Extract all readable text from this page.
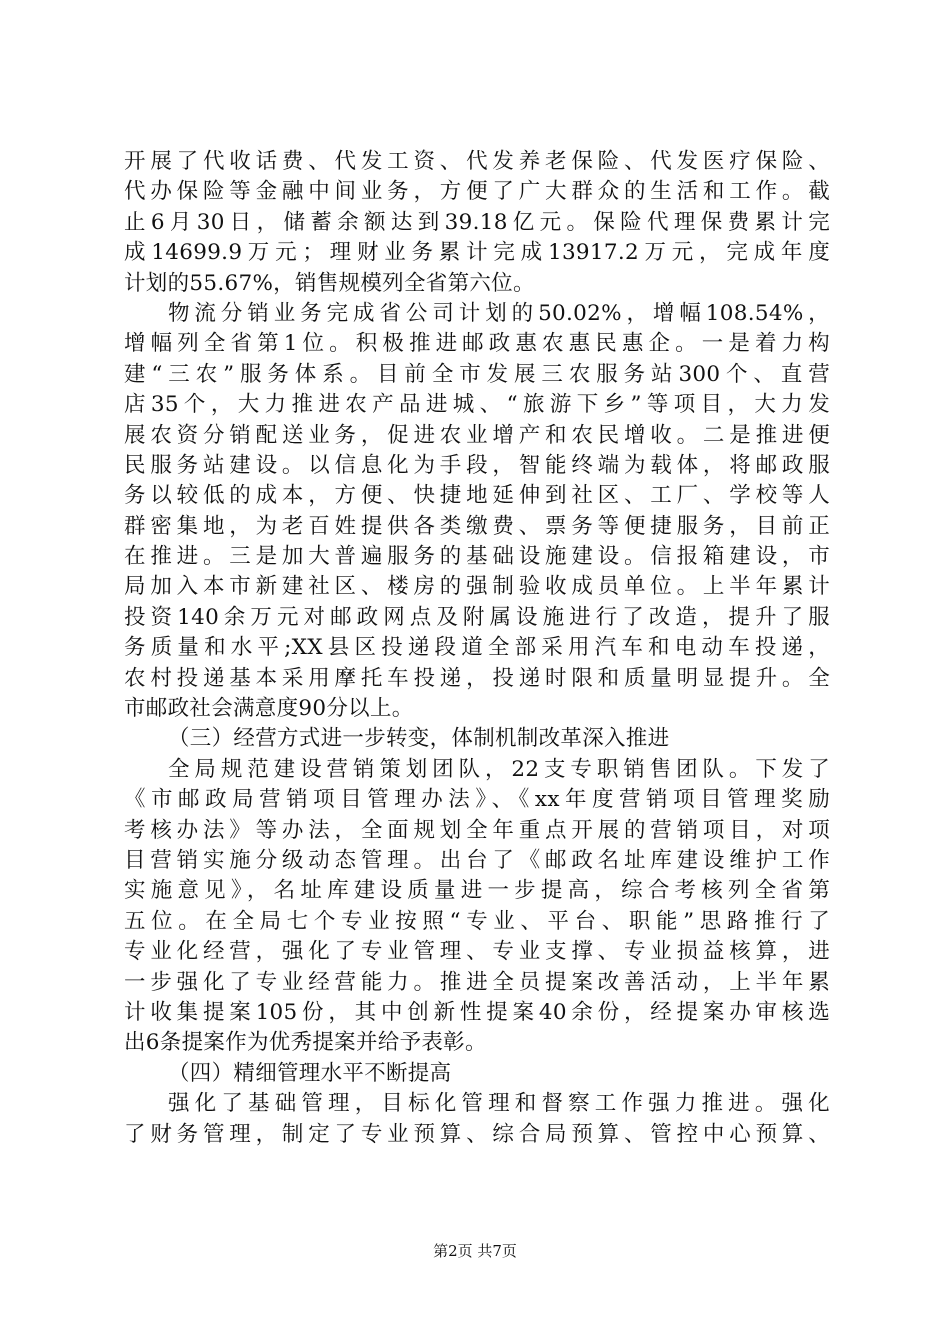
开展了代收话费、代发工资、代发养老保险、代发医疗保险、
代办保险等金融中间业务，方便了广大群众的生活和工作。截
止6月30日，储蓄余额达到39.18亿元。保险代理保费累计完
成14699.9万元；理财业务累计完成13917.2万元，完成年度
计划的55.67%，销售规模列全省第六位。
物流分销业务完成省公司计划的50.02%，增幅108.54%，
增幅列全省第1位。积极推进邮政惠农惠民惠企。一是着力构
建“三农”服务体系。目前全市发展三农服务站300个、直营
店35个，大力推进农产品进城、“旅游下乡”等项目，大力发
展农资分销配送业务，促进农业增产和农民增收。二是推进便
民服务站建设。以信息化为手段，智能终端为载体，将邮政服
务以较低的成本，方便、快捷地延伸到社区、工厂、学校等人
群密集地，为老百姓提供各类缴费、票务等便捷服务，目前正
在推进。三是加大普遍服务的基础设施建设。信报箱建设，市
局加入本市新建社区、楼房的强制验收成员单位。上半年累计
投资140余万元对邮政网点及附属设施进行了改造，提升了服
务质量和水平;XX县区投递段道全部采用汽车和电动车投递，
农村投递基本采用摩托车投递，投递时限和质量明显提升。全
市邮政社会满意度90分以上。
（三）经营方式进一步转变，体制机制改革深入推进
全局规范建设营销策划团队，22支专职销售团队。下发了
《市邮政局营销项目管理办法》、《xx年度营销项目管理奖励
考核办法》等办法，全面规划全年重点开展的营销项目，对项
目营销实施分级动态管理。出台了《邮政名址库建设维护工作
实施意见》，名址库建设质量进一步提高，综合考核列全省第
五位。在全局七个专业按照“专业、平台、职能”思路推行了
专业化经营，强化了专业管理、专业支撑、专业损益核算，进
一步强化了专业经营能力。推进全员提案改善活动，上半年累
计收集提案105份，其中创新性提案40余份，经提案办审核选
出6条提案作为优秀提案并给予表彰。
（四）精细管理水平不断提高
强化了基础管理，目标化管理和督察工作强力推进。强化
了财务管理，制定了专业预算、综合局预算、管控中心预算、
第2页 共7页
